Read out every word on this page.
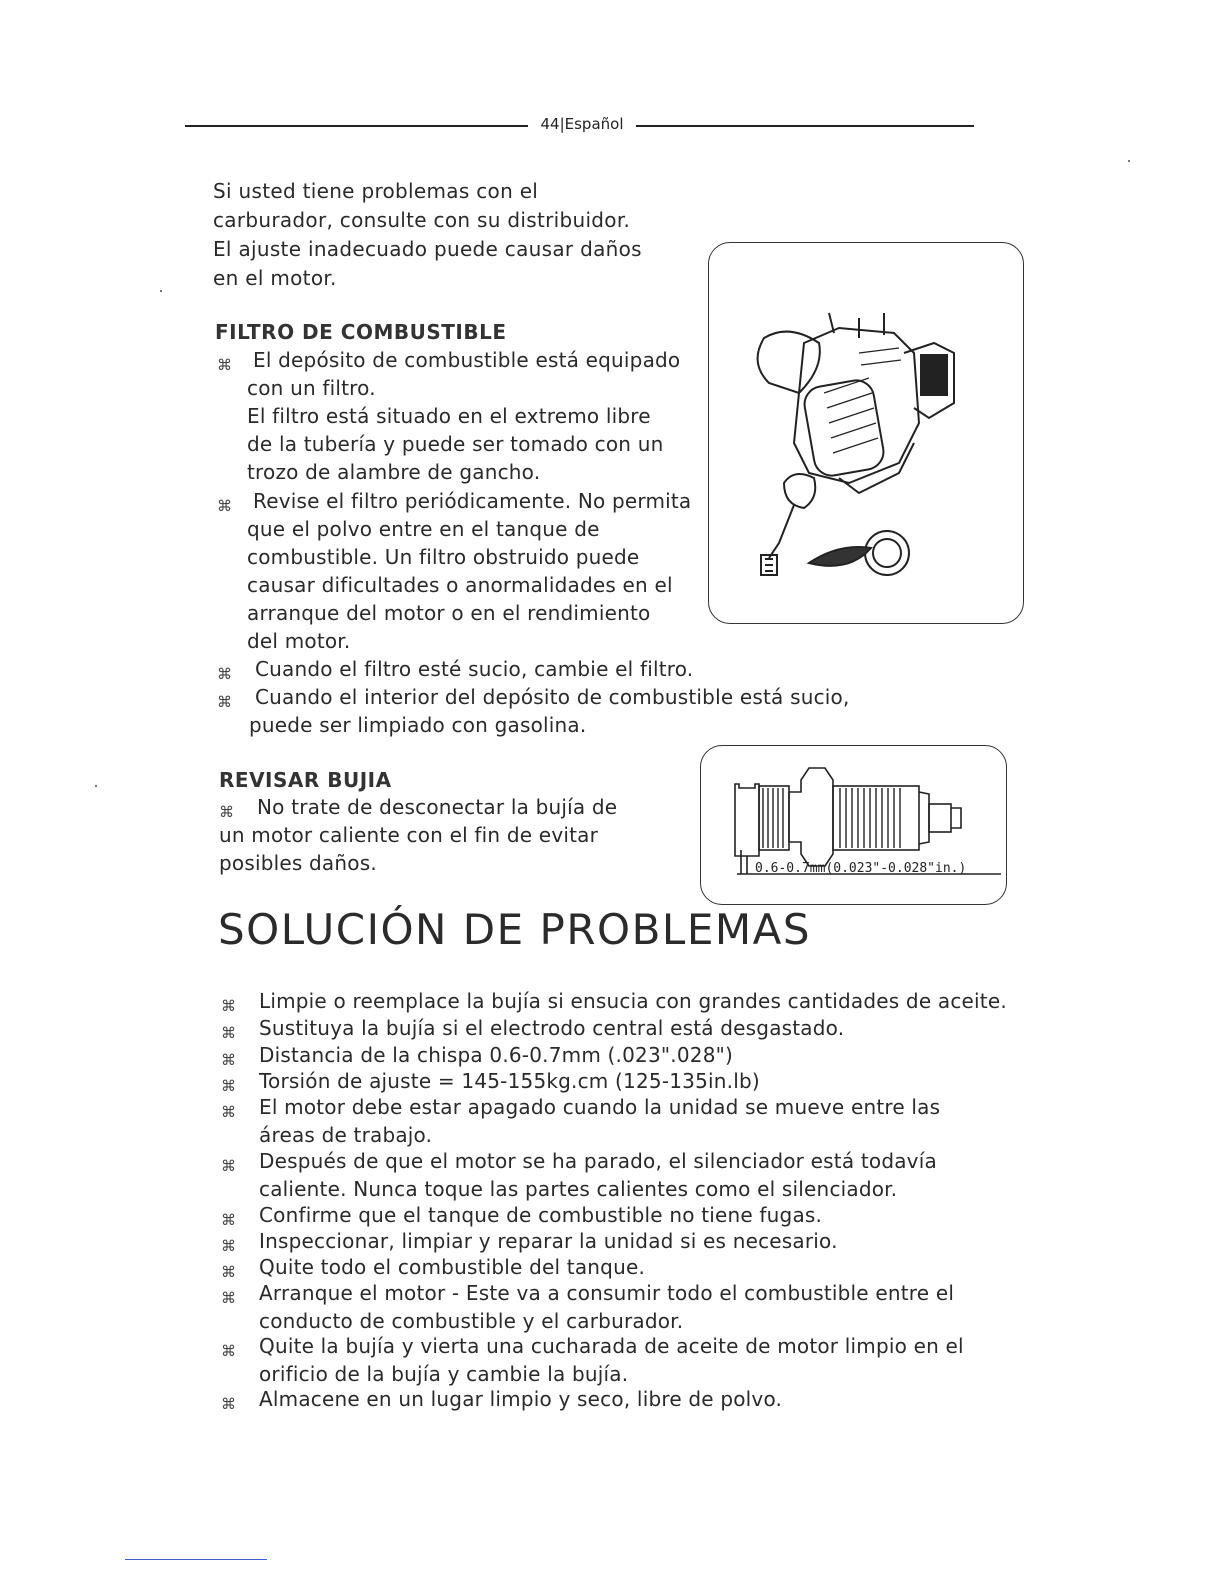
44|Español
Si usted tiene problemas con el
carburador, consulte con su distribuidor.
El ajuste inadecuado puede causar daños
en el motor.
FILTRO DE COMBUSTIBLE
⌘ El depósito de combustible está equipado
con un filtro.
El filtro está situado en el extremo libre
de la tubería y puede ser tomado con un
trozo de alambre de gancho.
⌘ Revise el filtro periódicamente. No permita
que el polvo entre en el tanque de
combustible. Un filtro obstruido puede
causar dificultades o anormalidades en el
arranque del motor o en el rendimiento
del motor.
⌘ Cuando el filtro esté sucio, cambie el filtro.
⌘ Cuando el interior del depósito de combustible está sucio,
puede ser limpiado con gasolina.
REVISAR BUJIA
⌘ No trate de desconectar la bujía de
un motor caliente con el fin de evitar
posibles daños.	0.6-0.7mm(0.023"-0.028"in.)
SOLUCIÓN DE PROBLEMAS
⌘ Limpie o reemplace la bujía si ensucia con grandes cantidades de aceite.
⌘ Sustituya la bujía si el electrodo central está desgastado.
⌘ Distancia de la chispa 0.6-0.7mm (.023".028")
⌘ Torsión de ajuste = 145-155kg.cm (125-135in.lb)
⌘ El motor debe estar apagado cuando la unidad se mueve entre las
áreas de trabajo.
⌘ Después de que el motor se ha parado, el silenciador está todavía
caliente. Nunca toque las partes calientes como el silenciador.
⌘ Confirme que el tanque de combustible no tiene fugas.
⌘ Inspeccionar, limpiar y reparar la unidad si es necesario.
⌘ Quite todo el combustible del tanque.
⌘ Arranque el motor - Este va a consumir todo el combustible entre el
conducto de combustible y el carburador.
⌘ Quite la bujía y vierta una cucharada de aceite de motor limpio en el
orificio de la bujía y cambie la bujía.
⌘ Almacene en un lugar limpio y seco, libre de polvo.
